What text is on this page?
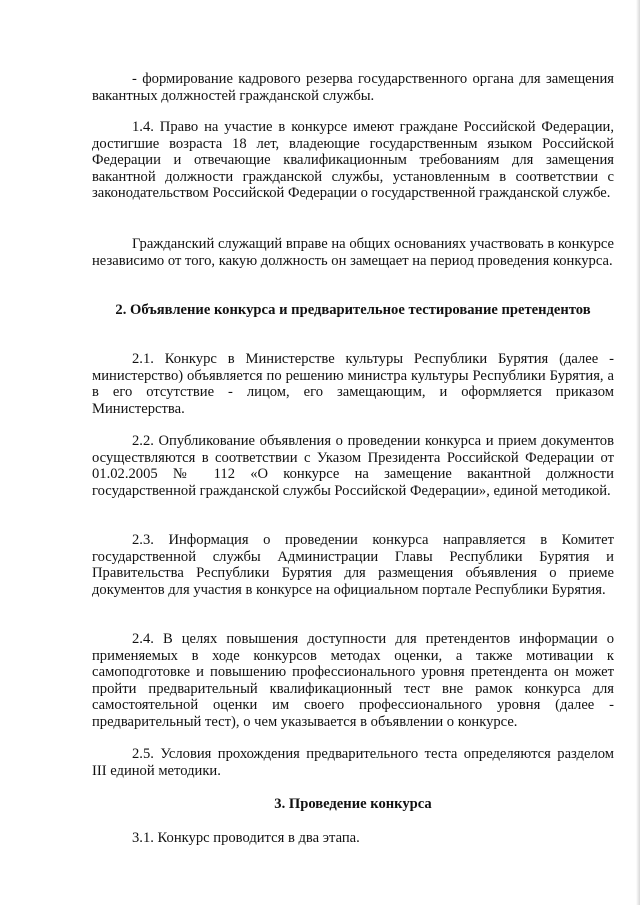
- формирование кадрового резерва государственного органа для замещения вакантных должностей гражданской службы.

1.4. Право на участие в конкурсе имеют граждане Российской Федерации, достигшие возраста 18 лет, владеющие государственным языком Российской Федерации и отвечающие квалификационным требованиям для замещения вакантной должности гражданской службы, установленным в соответствии с законодательством Российской Федерации о государственной гражданской службе.

Гражданский служащий вправе на общих основаниях участвовать в конкурсе независимо от того, какую должность он замещает на период проведения конкурса.

2. Объявление конкурса и предварительное тестирование претендентов

2.1. Конкурс в Министерстве культуры Республики Бурятия (далее - министерство) объявляется по решению министра культуры Республики Бурятия, а в его отсутствие - лицом, его замещающим, и оформляется приказом Министерства.

2.2. Опубликование объявления о проведении конкурса и прием документов осуществляются в соответствии с Указом Президента Российской Федерации от 01.02.2005 № 112 «О конкурсе на замещение вакантной должности государственной гражданской службы Российской Федерации», единой методикой.

2.3. Информация о проведении конкурса направляется в Комитет государственной службы Администрации Главы Республики Бурятия и Правительства Республики Бурятия для размещения объявления о приеме документов для участия в конкурсе на официальном портале Республики Бурятия.

2.4. В целях повышения доступности для претендентов информации о применяемых в ходе конкурсов методах оценки, а также мотивации к самоподготовке и повышению профессионального уровня претендента он может пройти предварительный квалификационный тест вне рамок конкурса для самостоятельной оценки им своего профессионального уровня (далее - предварительный тест), о чем указывается в объявлении о конкурсе.

2.5. Условия прохождения предварительного теста определяются разделом III единой методики.

3. Проведение конкурса

3.1. Конкурс проводится в два этапа.
